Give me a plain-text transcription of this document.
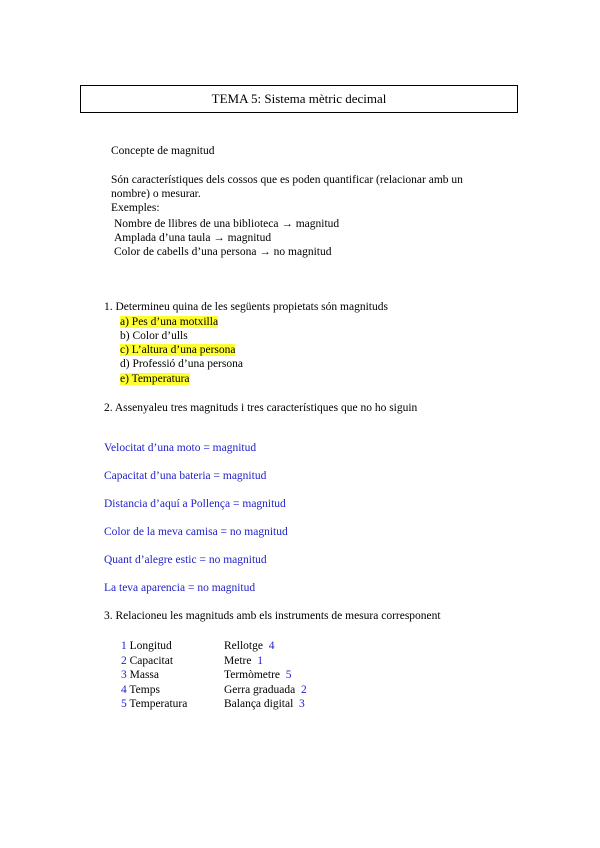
TEMA 5: Sistema mètric decimal
Concepte de magnitud
Són característiques dels cossos que es poden quantificar (relacionar amb un
nombre) o mesurar.
Exemples:
Nombre de llibres de una biblioteca → magnitud
Amplada d’una taula → magnitud
Color de cabells d’una persona → no magnitud
1. Determineu quina de les següents propietats són magnituds
a) Pes d’una motxilla
b) Color d’ulls
c) L’altura d’una persona
d) Professió d’una persona
e) Temperatura
2. Assenyaleu tres magnituds i tres característiques que no ho siguin
Velocitat d’una moto = magnitud
Capacitat d’una bateria = magnitud
Distancia d’aquí a Pollença = magnitud
Color de la meva camisa = no magnitud
Quant d’alegre estic = no magnitud
La teva aparencia = no magnitud
3. Relacioneu les magnituds amb els instruments de mesura corresponent
1 Longitud	Rellotge 4
2 Capacitat	Metre 1
3 Massa	Termòmetre 5
4 Temps	Gerra graduada 2
5 Temperatura	Balança digital 3
